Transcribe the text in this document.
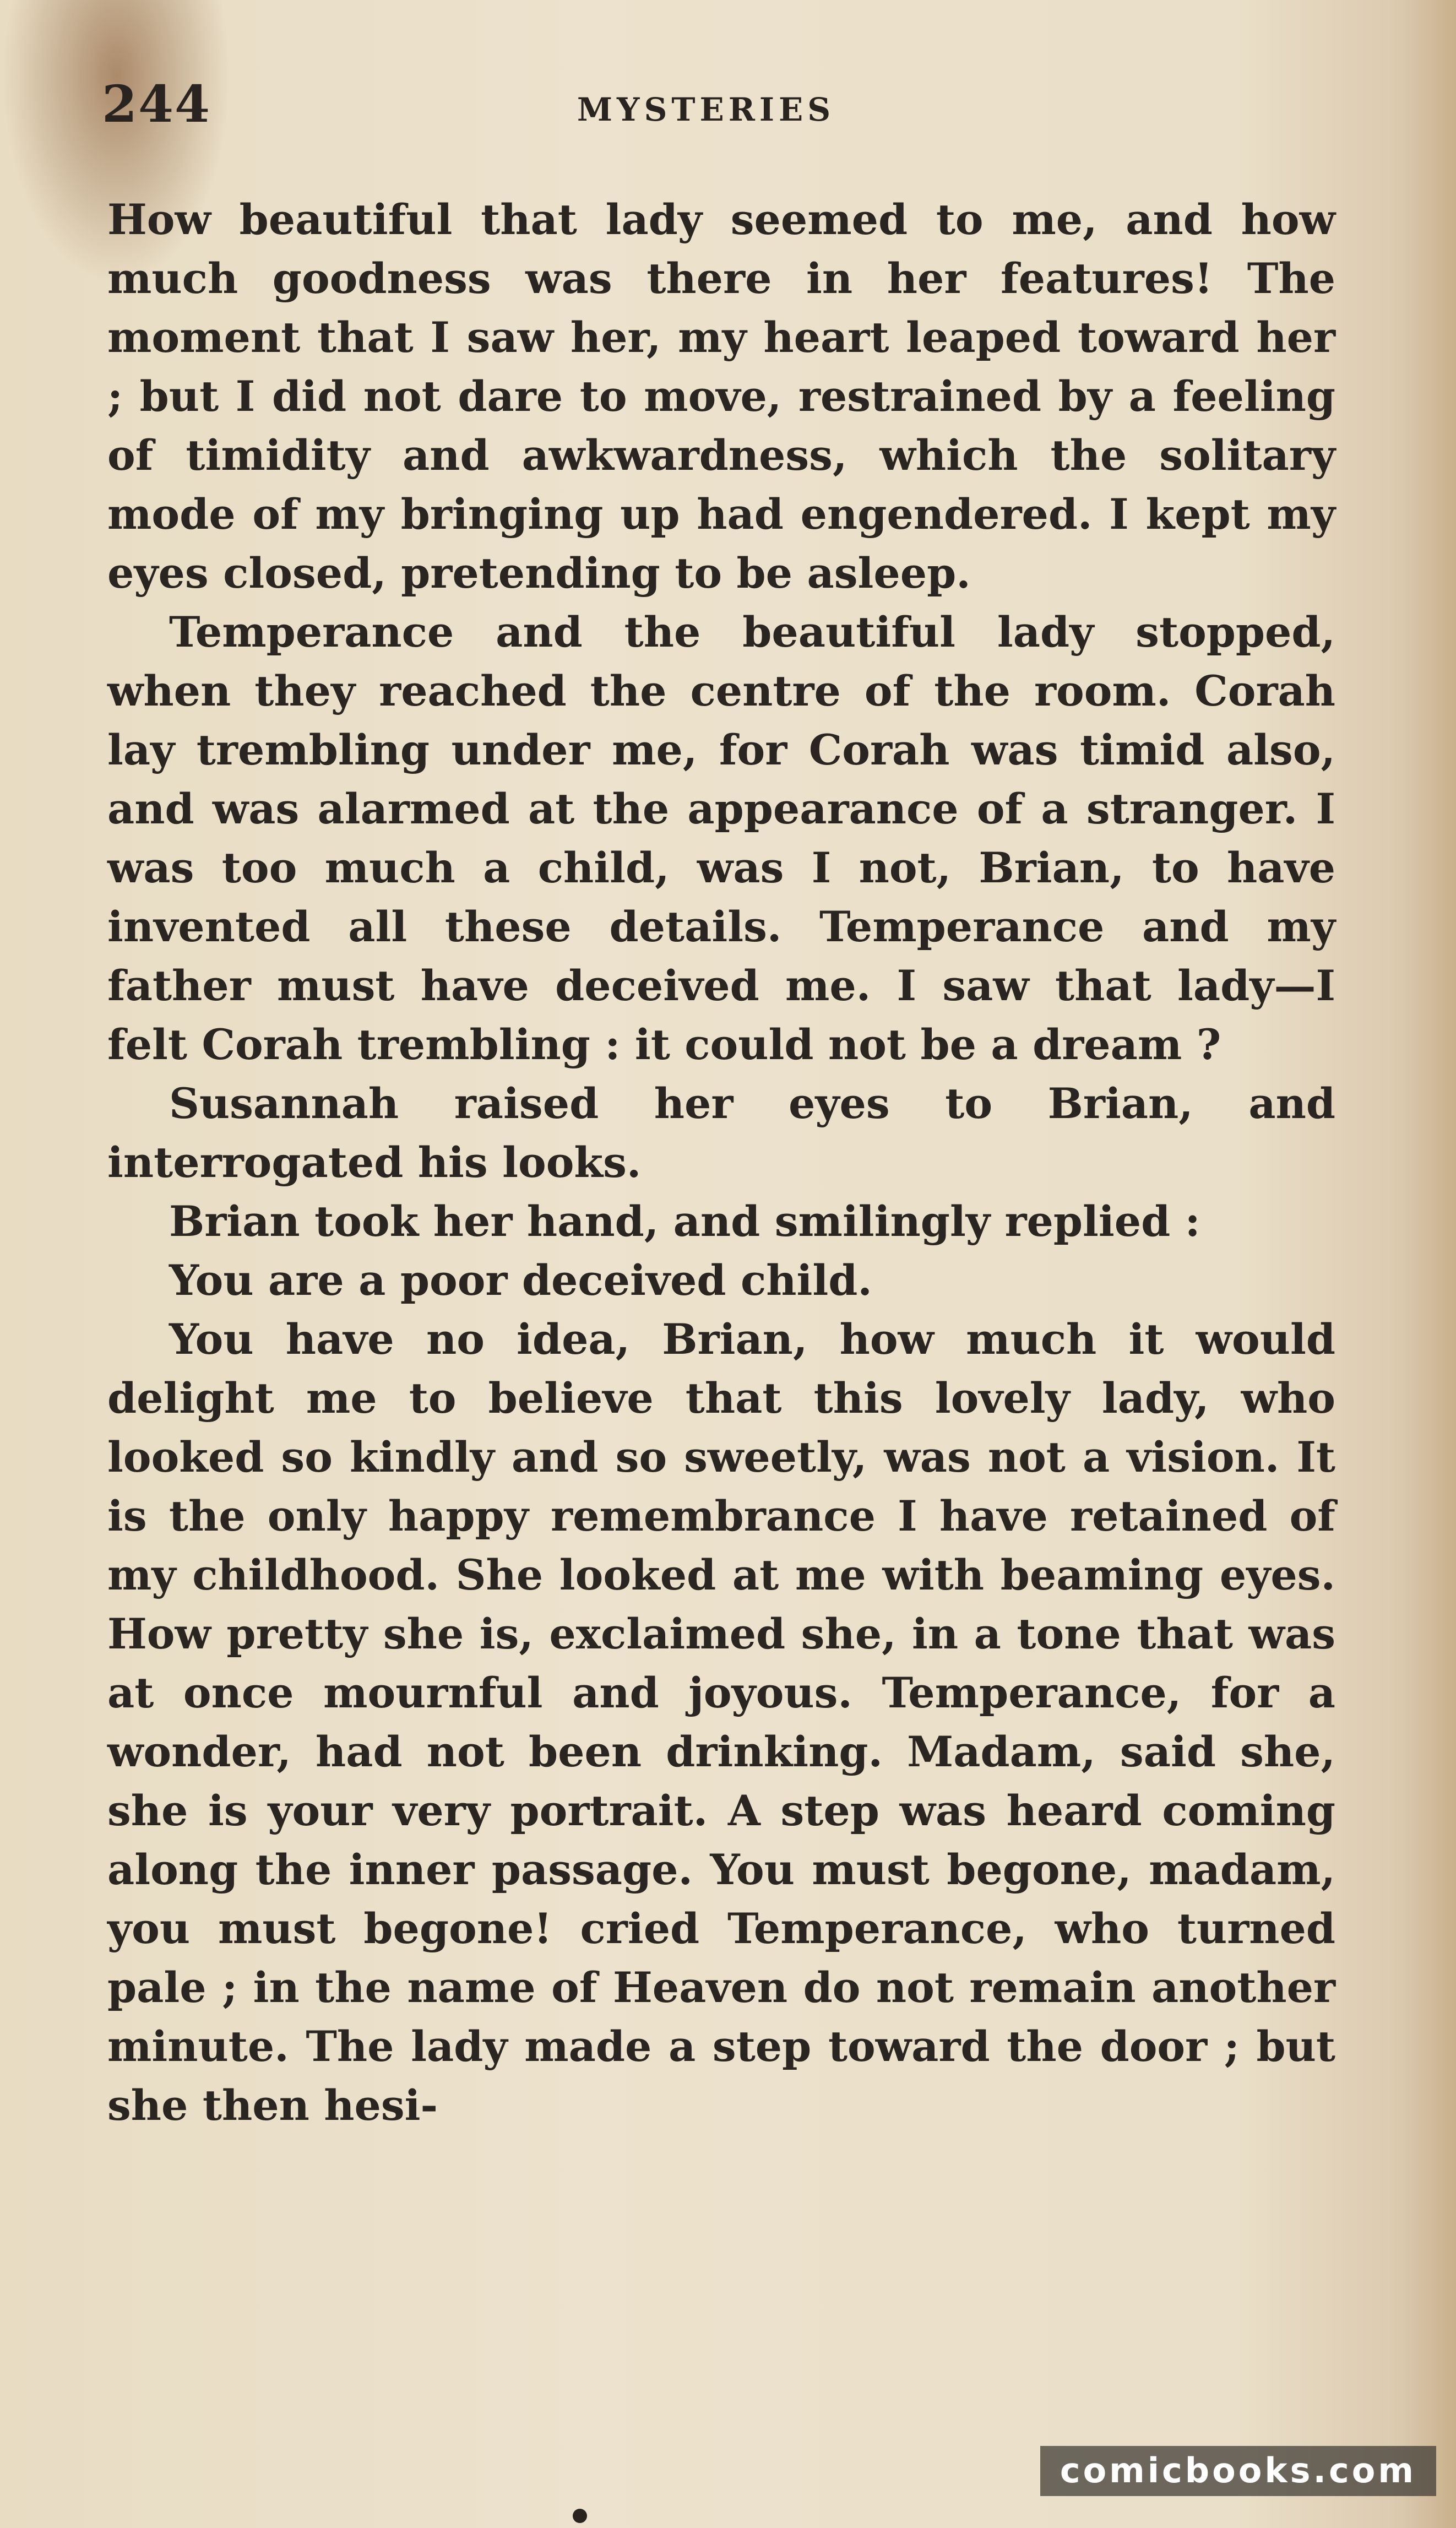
244	MYSTERIES

How beautiful that lady seemed to me, and how much goodness was there in her features! The moment that I saw her, my heart leaped toward her ; but I did not dare to move, restrained by a feeling of timidity and awkwardness, which the solitary mode of my bringing up had engendered. I kept my eyes closed, pretending to be asleep.

Temperance and the beautiful lady stopped, when they reached the centre of the room. Corah lay trembling under me, for Corah was timid also, and was alarmed at the appearance of a stranger. I was too much a child, was I not, Brian, to have invented all these details. Temperance and my father must have deceived me. I saw that lady—I felt Corah trembling : it could not be a dream ?

Susannah raised her eyes to Brian, and interrogated his looks.

Brian took her hand, and smilingly replied :

You are a poor deceived child.

You have no idea, Brian, how much it would delight me to believe that this lovely lady, who looked so kindly and so sweetly, was not a vision. It is the only happy remembrance I have retained of my childhood. She looked at me with beaming eyes. How pretty she is, exclaimed she, in a tone that was at once mournful and joyous. Temperance, for a wonder, had not been drinking. Madam, said she, she is your very portrait. A step was heard coming along the inner passage. You must begone, madam, you must begone! cried Temperance, who turned pale ; in the name of Heaven do not remain another minute. The lady made a step toward the door ; but she then hesi-

comicbooks.com
